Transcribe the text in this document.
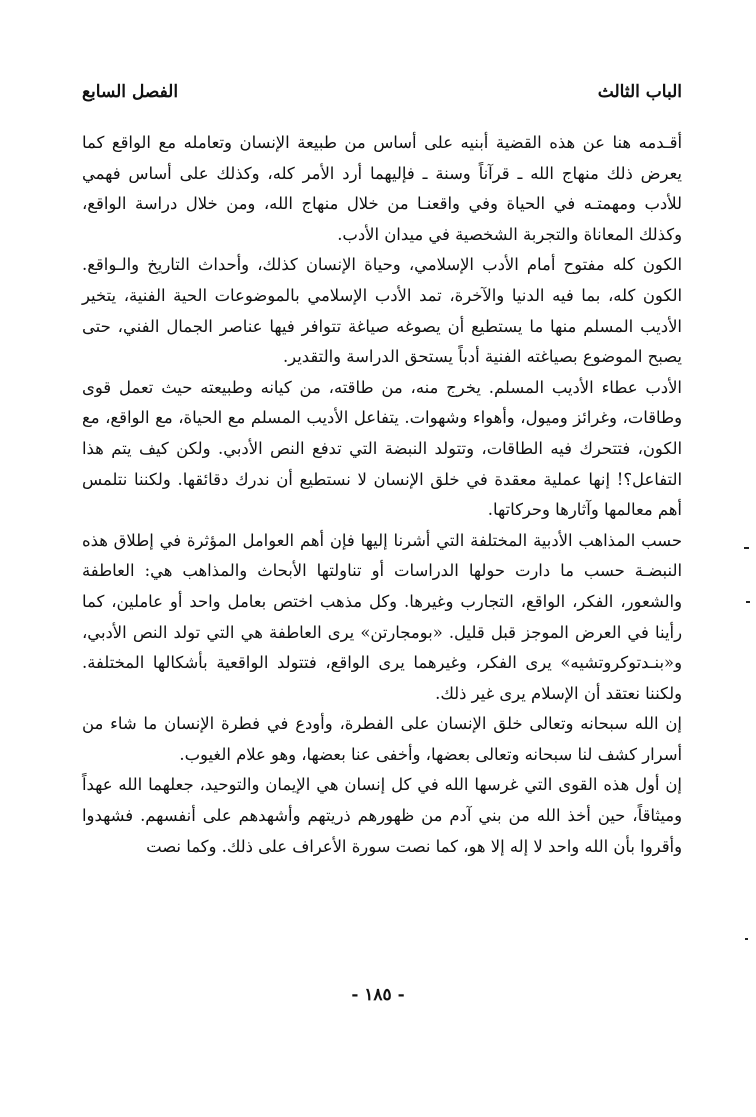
الباب الثالث
الفصل السابع

أقـدمه هنا عن هذه القضية أبنيه على أساس من طبيعة الإنسان وتعامله مع الواقع كما يعرض ذلك منهاج الله ـ قرآناً وسنة ـ فإليهما أرد الأمر كله، وكذلك على أساس فهمي للأدب ومهمتـه في الحياة وفي واقعنـا من خلال منهاج الله، ومن خلال دراسة الواقع، وكذلك المعاناة والتجربة الشخصية في ميدان الأدب.

الكون كله مفتوح أمام الأدب الإسلامي، وحياة الإنسان كذلك، وأحداث التاريخ والـواقع. الكون كله، بما فيه الدنيا والآخرة، تمد الأدب الإسلامي بالموضوعات الحية الفنية، يتخير الأديب المسلم منها ما يستطيع أن يصوغه صياغة تتوافر فيها عناصر الجمال الفني، حتى يصبح الموضوع بصياغته الفنية أدباً يستحق الدراسة والتقدير.

الأدب عطاء الأديب المسلم. يخرج منه، من طاقته، من كيانه وطبيعته حيث تعمل قوى وطاقات، وغرائز وميول، وأهواء وشهوات. يتفاعل الأديب المسلم مع الحياة، مع الواقع، مع الكون، فتتحرك فيه الطاقات، وتتولد النبضة التي تدفع النص الأدبي. ولكن كيف يتم هذا التفاعل؟! إنها عملية معقدة في خلق الإنسان لا نستطيع أن ندرك دقائقها. ولكننا نتلمس أهم معالمها وآثارها وحركاتها.

حسب المذاهب الأدبية المختلفة التي أشرنا إليها فإن أهم العوامل المؤثرة في إطلاق هذه النبضـة حسب ما دارت حولها الدراسات أو تناولتها الأبحاث والمذاهب هي: العاطفة والشعور، الفكر، الواقع، التجارب وغيرها. وكل مذهب اختص بعامل واحد أو عاملين، كما رأينا في العرض الموجز قبل قليل. «بومجارتن» يرى العاطفة هي التي تولد النص الأدبي، و«بنـدتوكروتشيه» يرى الفكر، وغيرهما يرى الواقع، فتتولد الواقعية بأشكالها المختلفة. ولكننا نعتقد أن الإسلام يرى غير ذلك.

إن الله سبحانه وتعالى خلق الإنسان على الفطرة، وأودع في فطرة الإنسان ما شاء من أسرار كشف لنا سبحانه وتعالى بعضها، وأخفى عنا بعضها، وهو علام الغيوب.

إن أول هذه القوى التي غرسها الله في كل إنسان هي الإيمان والتوحيد، جعلهما الله عهداً وميثاقاً، حين أخذ الله من بني آدم من ظهورهم ذريتهم وأشهدهم على أنفسهم. فشهدوا وأقروا بأن الله واحد لا إله إلا هو، كما نصت سورة الأعراف على ذلك. وكما نصت

- ١٨٥ -
